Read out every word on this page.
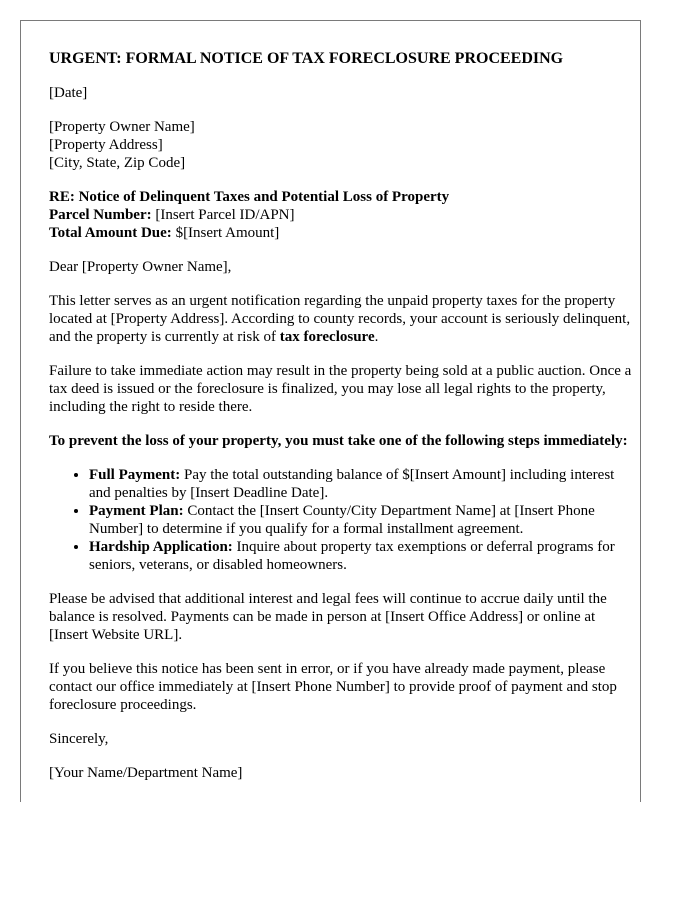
URGENT: FORMAL NOTICE OF TAX FORECLOSURE PROCEEDING

[Date]

[Property Owner Name]
[Property Address]
[City, State, Zip Code]

RE: Notice of Delinquent Taxes and Potential Loss of Property
Parcel Number: [Insert Parcel ID/APN]
Total Amount Due: $[Insert Amount]

Dear [Property Owner Name],

This letter serves as an urgent notification regarding the unpaid property taxes for the property located at [Property Address]. According to county records, your account is seriously delinquent, and the property is currently at risk of tax foreclosure.

Failure to take immediate action may result in the property being sold at a public auction. Once a tax deed is issued or the foreclosure is finalized, you may lose all legal rights to the property, including the right to reside there.

To prevent the loss of your property, you must take one of the following steps immediately:

• Full Payment: Pay the total outstanding balance of $[Insert Amount] including interest and penalties by [Insert Deadline Date].
• Payment Plan: Contact the [Insert County/City Department Name] at [Insert Phone Number] to determine if you qualify for a formal installment agreement.
• Hardship Application: Inquire about property tax exemptions or deferral programs for seniors, veterans, or disabled homeowners.

Please be advised that additional interest and legal fees will continue to accrue daily until the balance is resolved. Payments can be made in person at [Insert Office Address] or online at [Insert Website URL].

If you believe this notice has been sent in error, or if you have already made payment, please contact our office immediately at [Insert Phone Number] to provide proof of payment and stop foreclosure proceedings.

Sincerely,

[Your Name/Department Name]
